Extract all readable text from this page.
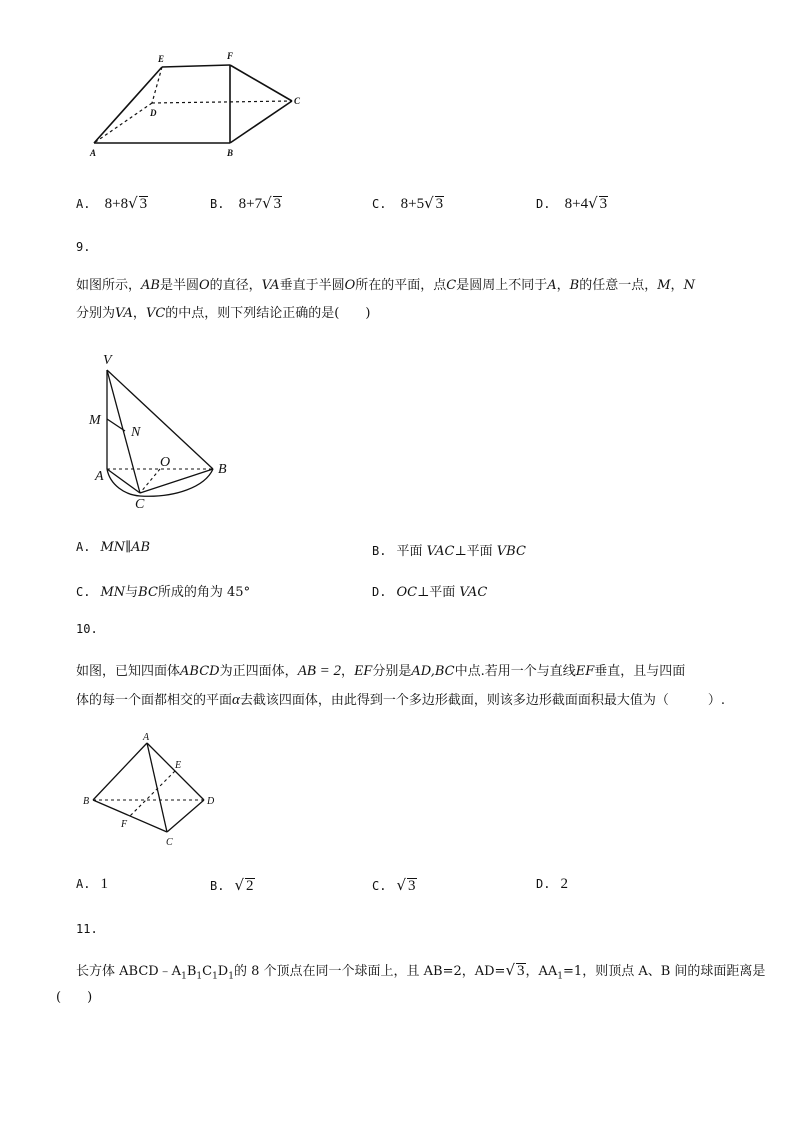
E	F
D
C
A	B
A. 8+8√ 3	B. 8+7√ 3	C. 8+5√ 3	D. 8+4√ 3
9.
如图所示，AB是半圆O的直径，VA垂直于半圆O所在的平面，点C是圆周上不同于A，B的任意一点，M，N
分别为VA，VC的中点，则下列结论正确的是(　　)
V
M
N
O
A	B
C
A. MN∥AB	B. 平面 VAC⊥平面 VBC
C. MN与BC所成的角为 45°	D. OC⊥平面 VAC
10.
如图，已知四面体ABCD为正四面体，AB = 2，EF分别是AD,BC中点.若用一个与直线EF垂直，且与四面
体的每一个面都相交的平面α去截该四面体，由此得到一个多边形截面，则该多边形截面面积最大值为（　　　）.
A
B	D
C
E
F
A. 1	B. √ 2	C. √ 3	D. 2
11.
长方体 $ABCD﹣A_1B_1C_1D_1$的 8 个顶点在同一个球面上，且 AB=2，AD=√ 3，$AA_1=1$，则顶点 A、B 间的球面距离是
(　　)
